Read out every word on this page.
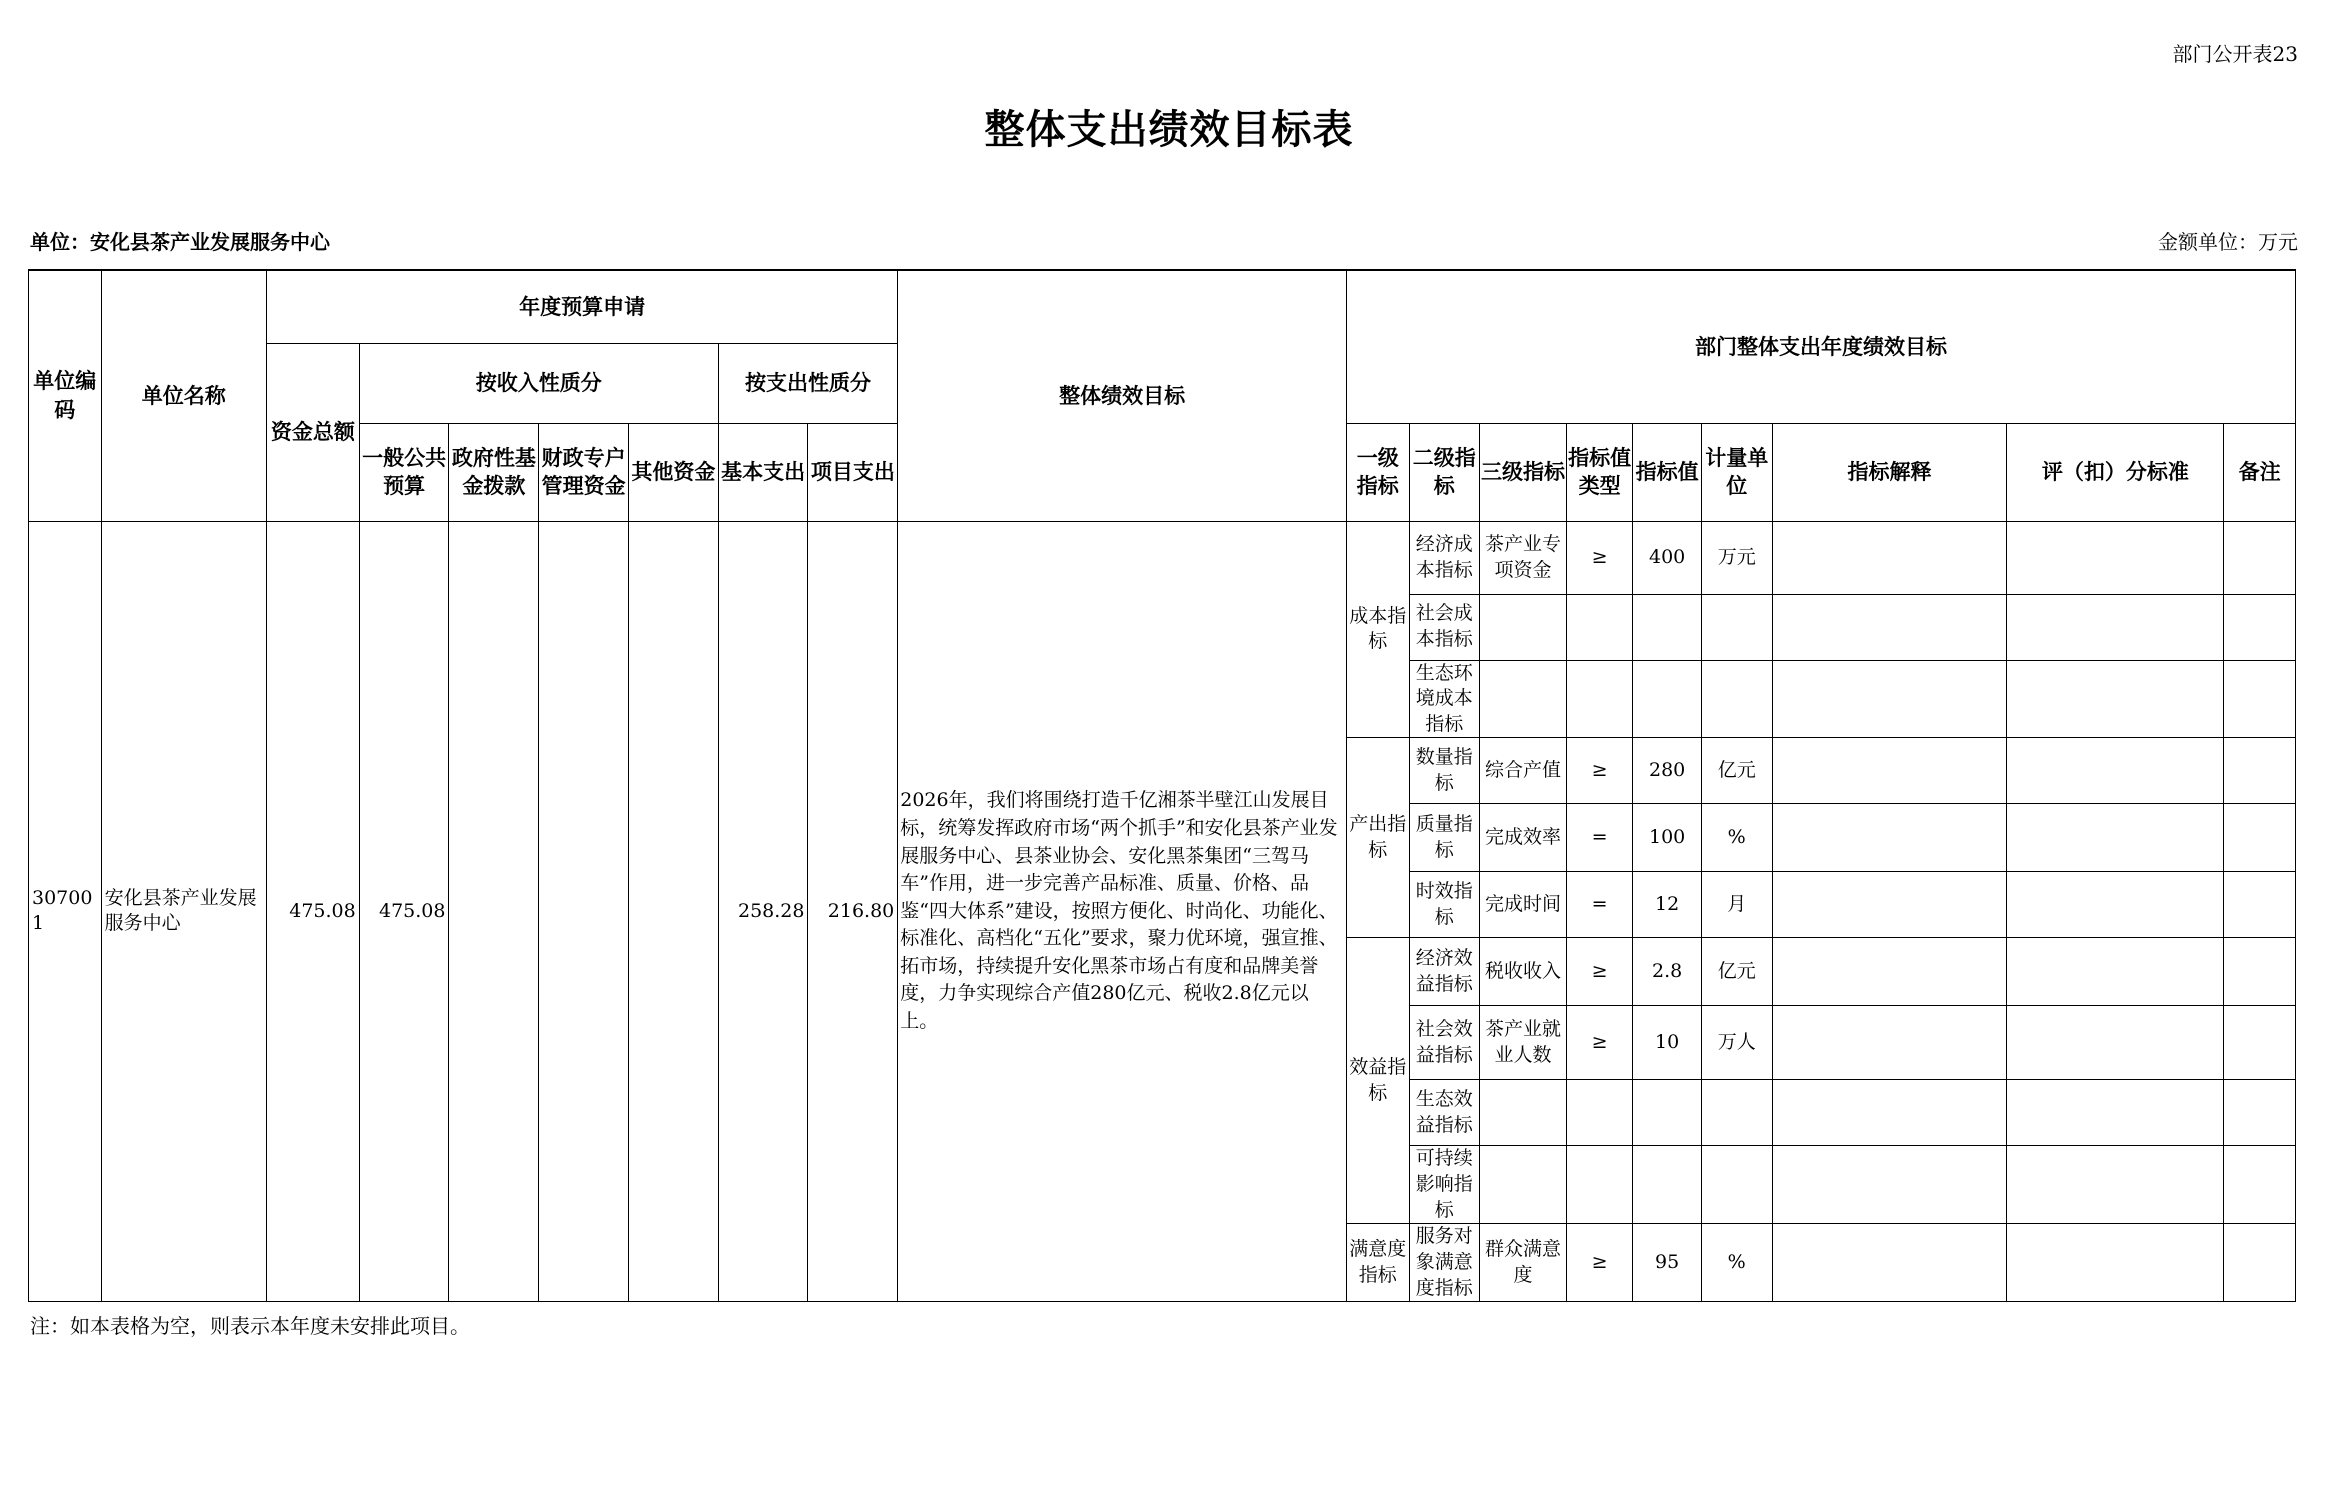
部门公开表23
整体支出绩效目标表
单位：安化县茶产业发展服务中心	金额单位：万元
单位编码	单位名称	年度预算申请							整体绩效目标	部门整体支出年度绩效目标								
		资金总额	按收入性质分				按支出性质分											
			一般公共预算	政府性基金拨款	财政专户管理资金	其他资金	基本支出	项目支出		一级指标	二级指标	三级指标	指标值类型	指标值	计量单位	指标解释	评（扣）分标准	备注
307001	安化县茶产业发展服务中心	475.08	475.08				258.28	216.80	2026年，我们将围绕打造千亿湘茶半壁江山发展目标，统筹发挥政府市场“两个抓手”和安化县茶产业发展服务中心、县茶业协会、安化黑茶集团“三驾马车”作用，进一步完善产品标准、质量、价格、品鉴“四大体系”建设，按照方便化、时尚化、功能化、标准化、高档化“五化”要求，聚力优环境，强宣推、拓市场，持续提升安化黑茶市场占有度和品牌美誉度，力争实现综合产值280亿元、税收2.8亿元以上。	成本指标	经济成本指标	茶产业专项资金	≥	400	万元			
											社会成本指标							
											生态环境成本指标							
										产出指标	数量指标	综合产值	≥	280	亿元			
											质量指标	完成效率	=	100	%			
											时效指标	完成时间	=	12	月			
										效益指标	经济效益指标	税收收入	≥	2.8	亿元			
											社会效益指标	茶产业就业人数	≥	10	万人			
											生态效益指标							
											可持续影响指标							
										满意度指标	服务对象满意度指标	群众满意度	≥	95	%			
注：如本表格为空，则表示本年度未安排此项目。
